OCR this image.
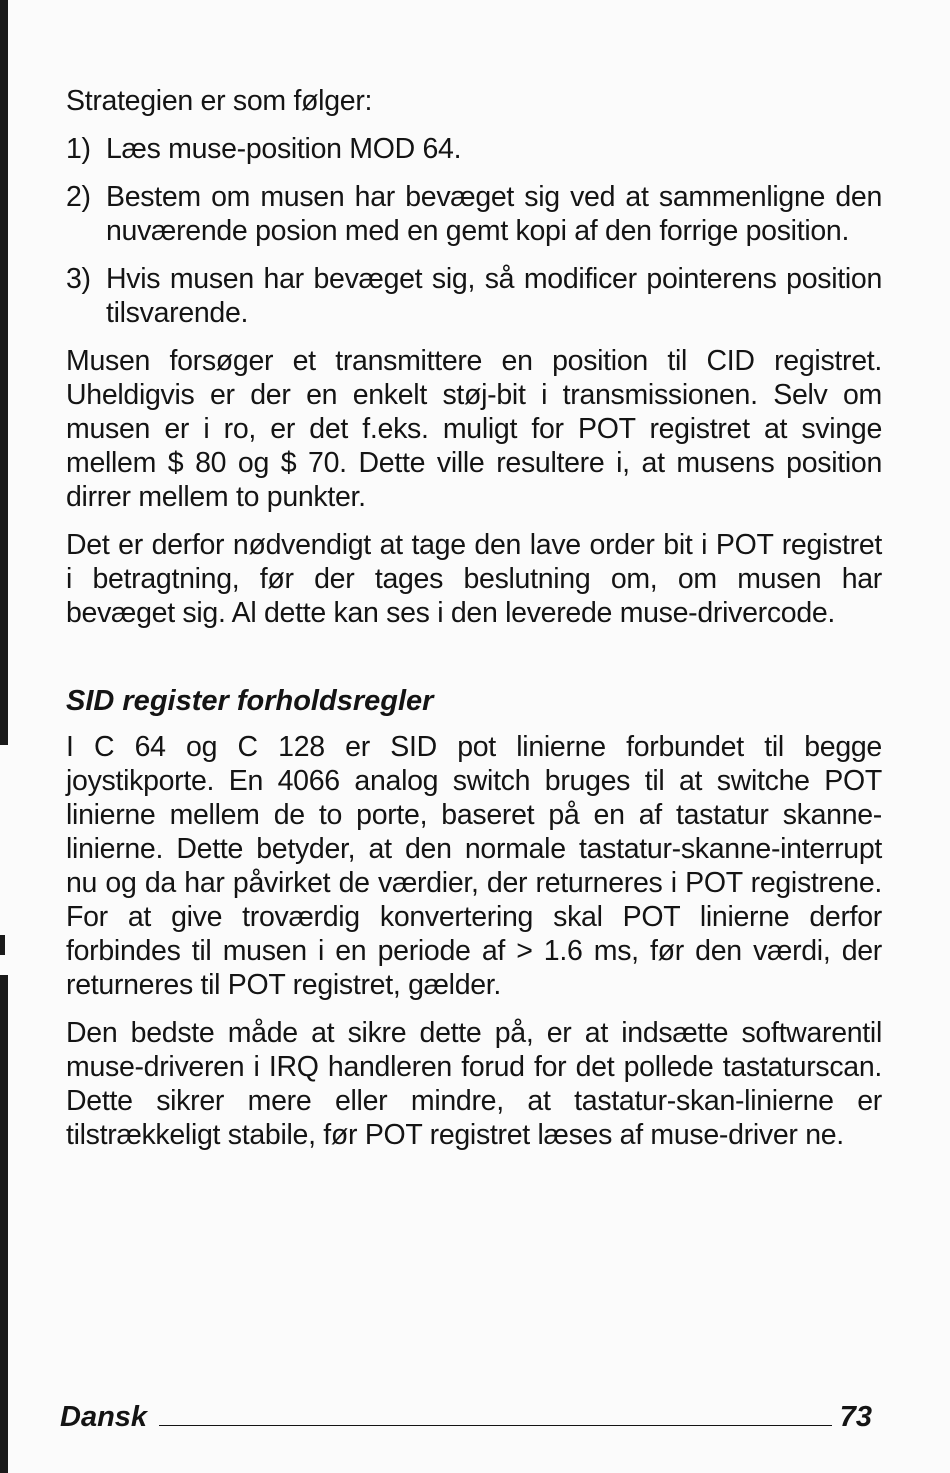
Strategien er som følger:

1) Læs muse-position MOD 64.
2) Bestem om musen har bevæget sig ved at sammenligne den nuværende posion med en gemt kopi af den forrige position.
3) Hvis musen har bevæget sig, så modificer pointerens position tilsvarende.

Musen forsøger et transmittere en position til CID registret. Uheldigvis er der en enkelt støj-bit i transmissionen. Selv om musen er i ro, er det f.eks. muligt for POT registret at svinge mellem $ 80 og $ 70. Dette ville resultere i, at musens position dirrer mellem to punkter.

Det er derfor nødvendigt at tage den lave order bit i POT registret i betragtning, før der tages beslutning om, om musen har bevæget sig. Al dette kan ses i den leverede muse-drivercode.

SID register forholdsregler

I C 64 og C 128 er SID pot linierne forbundet til begge joystikporte. En 4066 analog switch bruges til at switche POT linierne mellem de to porte, baseret på en af tastatur skanne-linierne. Dette betyder, at den normale tastatur-skanne-interrupt nu og da har påvirket de værdier, der returneres i POT registrene. For at give troværdig konvertering skal POT linierne derfor forbindes til musen i en periode af > 1.6 ms, før den værdi, der returneres til POT registret, gælder.

Den bedste måde at sikre dette på, er at indsætte softwarentil muse-driveren i IRQ handleren forud for det pollede tastaturscan. Dette sikrer mere eller mindre, at tastatur-skan-linierne er tilstrækkeligt stabile, før POT registret læses af muse-driver ne.

Dansk	73
